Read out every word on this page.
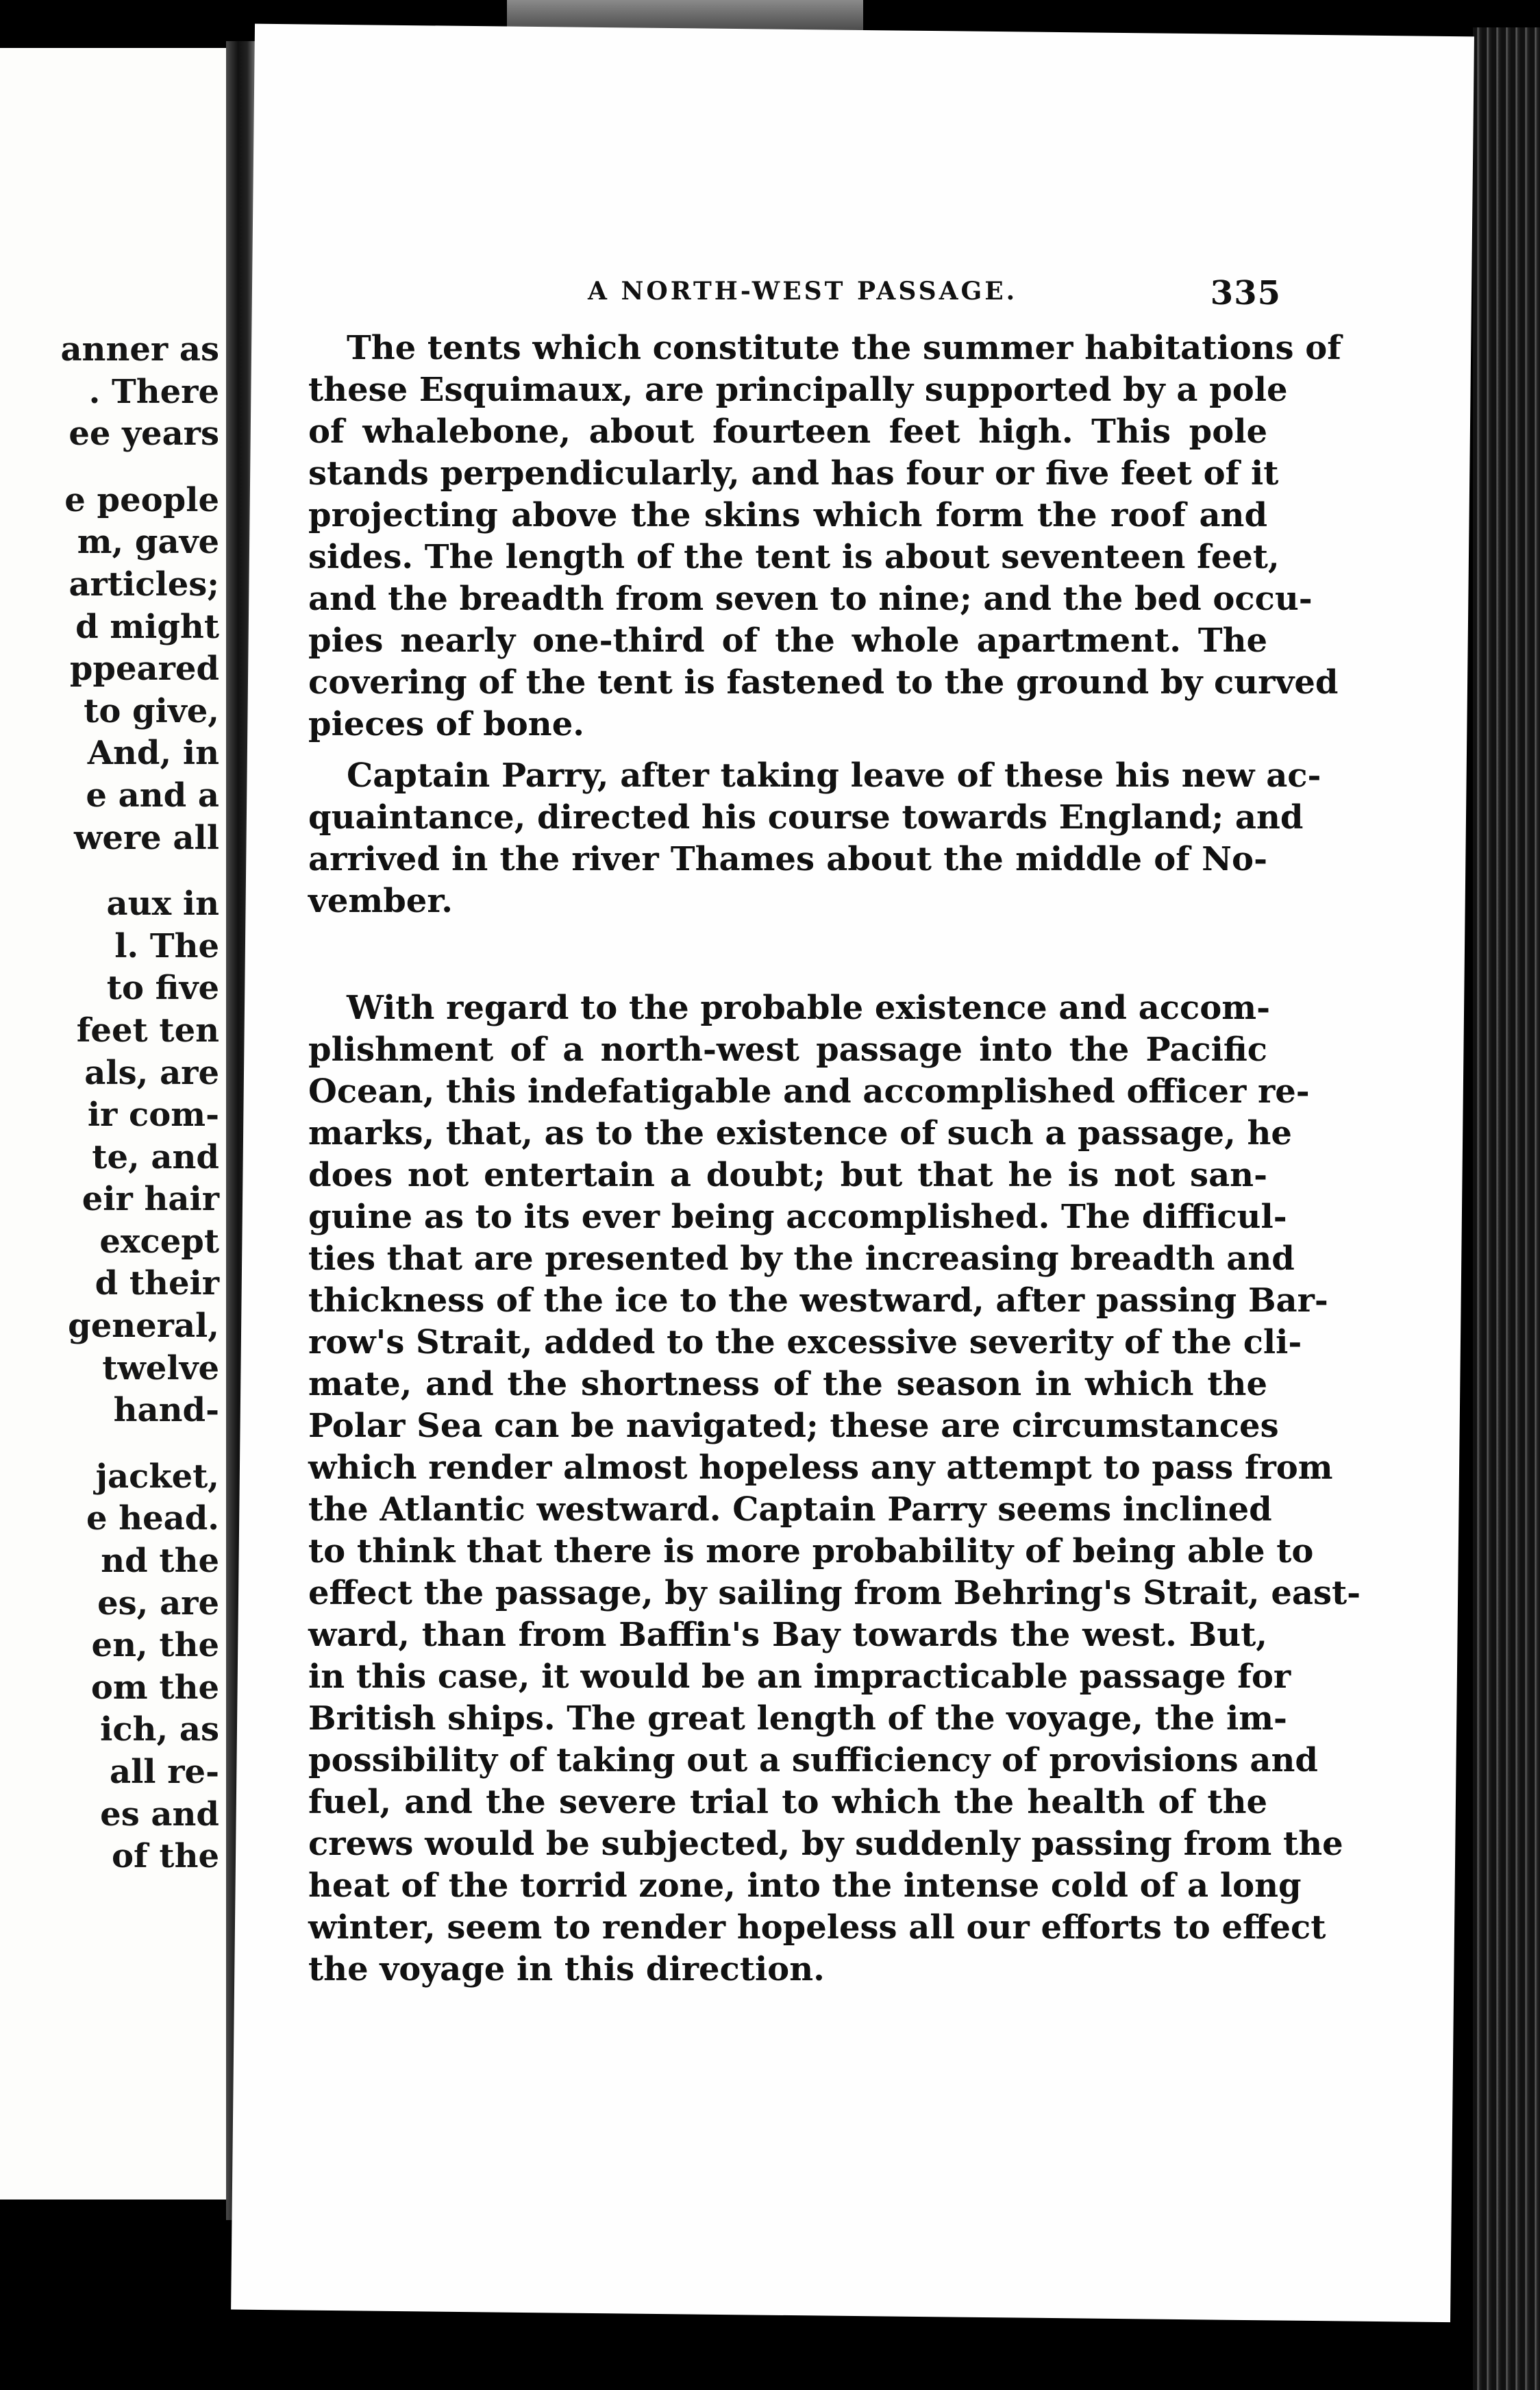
anner as
. There
ee years
e people
m, gave
articles;
d might
ppeared
to give,
And, in
e and a
were all
aux in
l. The
to five
feet ten
als, are
ir com-
te, and
eir hair
except
d their
general,
twelve
hand-
jacket,
e head.
nd the
es, are
en, the
om the
ich, as
all re-
es and
of the
A NORTH-WEST PASSAGE.	335
The tents which constitute the summer habitations of
these Esquimaux, are principally supported by a pole
of whalebone, about fourteen feet high. This pole
stands perpendicularly, and has four or five feet of it
projecting above the skins which form the roof and
sides. The length of the tent is about seventeen feet,
and the breadth from seven to nine; and the bed occu-
pies nearly one-third of the whole apartment. The
covering of the tent is fastened to the ground by curved
pieces of bone.
Captain Parry, after taking leave of these his new ac-
quaintance, directed his course towards England; and
arrived in the river Thames about the middle of No-
vember.
With regard to the probable existence and accom-
plishment of a north-west passage into the Pacific
Ocean, this indefatigable and accomplished officer re-
marks, that, as to the existence of such a passage, he
does not entertain a doubt; but that he is not san-
guine as to its ever being accomplished. The difficul-
ties that are presented by the increasing breadth and
thickness of the ice to the westward, after passing Bar-
row's Strait, added to the excessive severity of the cli-
mate, and the shortness of the season in which the
Polar Sea can be navigated; these are circumstances
which render almost hopeless any attempt to pass from
the Atlantic westward. Captain Parry seems inclined
to think that there is more probability of being able to
effect the passage, by sailing from Behring's Strait, east-
ward, than from Baffin's Bay towards the west. But,
in this case, it would be an impracticable passage for
British ships. The great length of the voyage, the im-
possibility of taking out a sufficiency of provisions and
fuel, and the severe trial to which the health of the
crews would be subjected, by suddenly passing from the
heat of the torrid zone, into the intense cold of a long
winter, seem to render hopeless all our efforts to effect
the voyage in this direction.
